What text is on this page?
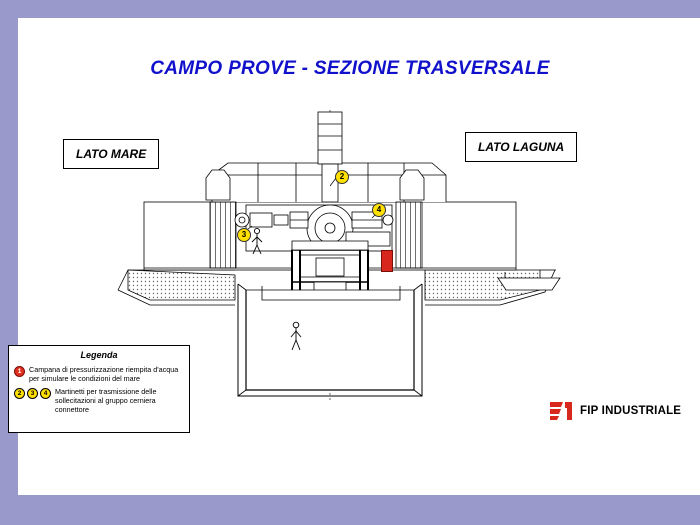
CAMPO PROVE - SEZIONE TRASVERSALE
LATO MARE	LATO LAGUNA
2
3
4
Legenda
1	Campana di pressurizzazione riempita d'acqua per simulare le condizioni del mare
2	3	4	Martinetti per trasmissione delle sollecitazioni al gruppo cerniera connettore	FIP INDUSTRIALE
